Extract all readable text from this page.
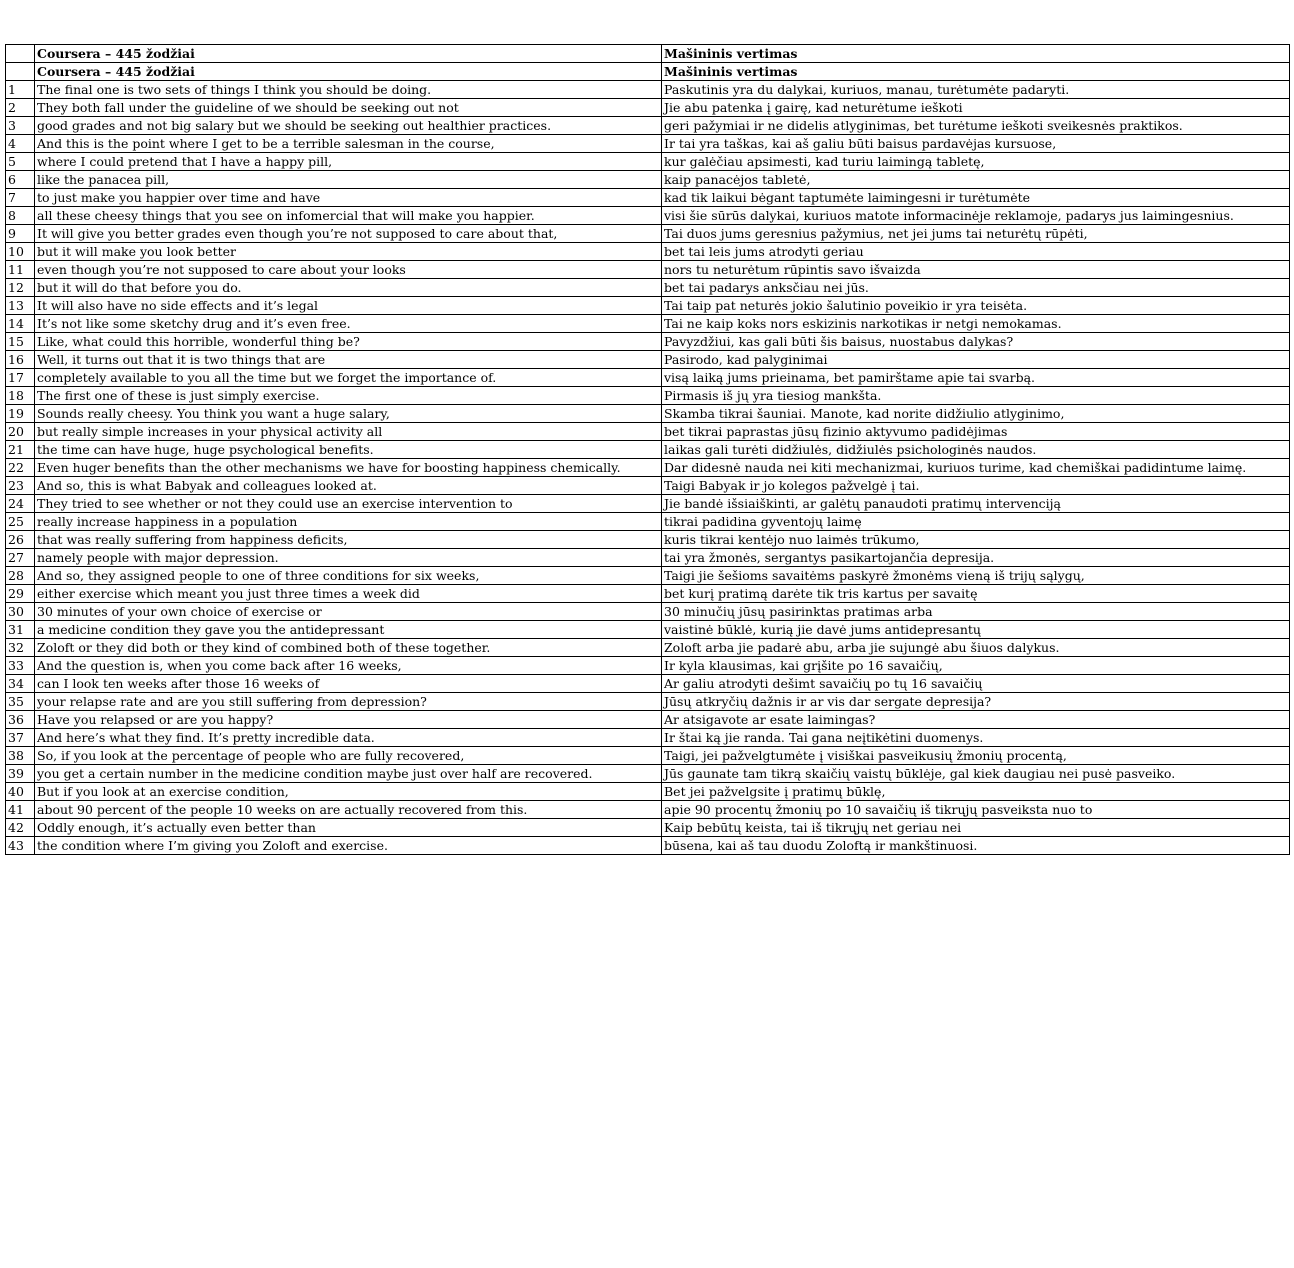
	Coursera – 445 žodžiai	Mašininis vertimas
	Coursera – 445 žodžiai	Mašininis vertimas
1	The final one is two sets of things I think you should be doing.	Paskutinis yra du dalykai, kuriuos, manau, turėtumėte padaryti.
2	They both fall under the guideline of we should be seeking out not	Jie abu patenka į gairę, kad neturėtume ieškoti
3	good grades and not big salary but we should be seeking out healthier practices.	geri pažymiai ir ne didelis atlyginimas, bet turėtume ieškoti sveikesnės praktikos.
4	And this is the point where I get to be a terrible salesman in the course,	Ir tai yra taškas, kai aš galiu būti baisus pardavėjas kursuose,
5	where I could pretend that I have a happy pill,	kur galėčiau apsimesti, kad turiu laimingą tabletę,
6	like the panacea pill,	kaip panacėjos tabletė,
7	to just make you happier over time and have	kad tik laikui bėgant taptumėte laimingesni ir turėtumėte
8	all these cheesy things that you see on infomercial that will make you happier.	visi šie sūrūs dalykai, kuriuos matote informacinėje reklamoje, padarys jus laimingesnius.
9	It will give you better grades even though you’re not supposed to care about that,	Tai duos jums geresnius pažymius, net jei jums tai neturėtų rūpėti,
10	but it will make you look better	bet tai leis jums atrodyti geriau
11	even though you’re not supposed to care about your looks	nors tu neturėtum rūpintis savo išvaizda
12	but it will do that before you do.	bet tai padarys anksčiau nei jūs.
13	It will also have no side effects and it’s legal	Tai taip pat neturės jokio šalutinio poveikio ir yra teisėta.
14	It’s not like some sketchy drug and it’s even free.	Tai ne kaip koks nors eskizinis narkotikas ir netgi nemokamas.
15	Like, what could this horrible, wonderful thing be?	Pavyzdžiui, kas gali būti šis baisus, nuostabus dalykas?
16	Well, it turns out that it is two things that are	Pasirodo, kad palyginimai
17	completely available to you all the time but we forget the importance of.	visą laiką jums prieinama, bet pamirštame apie tai svarbą.
18	The first one of these is just simply exercise.	Pirmasis iš jų yra tiesiog mankšta.
19	Sounds really cheesy. You think you want a huge salary,	Skamba tikrai šauniai. Manote, kad norite didžiulio atlyginimo,
20	but really simple increases in your physical activity all	bet tikrai paprastas jūsų fizinio aktyvumo padidėjimas
21	the time can have huge, huge psychological benefits.	laikas gali turėti didžiulės, didžiulės psichologinės naudos.
22	Even huger benefits than the other mechanisms we have for boosting happiness chemically.	Dar didesnė nauda nei kiti mechanizmai, kuriuos turime, kad chemiškai padidintume laimę.
23	And so, this is what Babyak and colleagues looked at.	Taigi Babyak ir jo kolegos pažvelgė į tai.
24	They tried to see whether or not they could use an exercise intervention to	Jie bandė išsiaiškinti, ar galėtų panaudoti pratimų intervenciją
25	really increase happiness in a population	tikrai padidina gyventojų laimę
26	that was really suffering from happiness deficits,	kuris tikrai kentėjo nuo laimės trūkumo,
27	namely people with major depression.	tai yra žmonės, sergantys pasikartojančia depresija.
28	And so, they assigned people to one of three conditions for six weeks,	Taigi jie šešioms savaitėms paskyrė žmonėms vieną iš trijų sąlygų,
29	either exercise which meant you just three times a week did	bet kurį pratimą darėte tik tris kartus per savaitę
30	30 minutes of your own choice of exercise or	30 minučių jūsų pasirinktas pratimas arba
31	a medicine condition they gave you the antidepressant	vaistinė būklė, kurią jie davė jums antidepresantų
32	Zoloft or they did both or they kind of combined both of these together.	Zoloft arba jie padarė abu, arba jie sujungė abu šiuos dalykus.
33	And the question is, when you come back after 16 weeks,	Ir kyla klausimas, kai grįšite po 16 savaičių,
34	can I look ten weeks after those 16 weeks of	Ar galiu atrodyti dešimt savaičių po tų 16 savaičių
35	your relapse rate and are you still suffering from depression?	Jūsų atkryčių dažnis ir ar vis dar sergate depresija?
36	Have you relapsed or are you happy?	Ar atsigavote ar esate laimingas?
37	And here’s what they find. It’s pretty incredible data.	Ir štai ką jie randa. Tai gana neįtikėtini duomenys.
38	So, if you look at the percentage of people who are fully recovered,	Taigi, jei pažvelgtumėte į visiškai pasveikusių žmonių procentą,
39	you get a certain number in the medicine condition maybe just over half are recovered.	Jūs gaunate tam tikrą skaičių vaistų būklėje, gal kiek daugiau nei pusė pasveiko.
40	But if you look at an exercise condition,	Bet jei pažvelgsite į pratimų būklę,
41	about 90 percent of the people 10 weeks on are actually recovered from this.	apie 90 procentų žmonių po 10 savaičių iš tikrųjų pasveiksta nuo to
42	Oddly enough, it’s actually even better than	Kaip bebūtų keista, tai iš tikrųjų net geriau nei
43	the condition where I’m giving you Zoloft and exercise.	būsena, kai aš tau duodu Zoloftą ir mankštinuosi.
